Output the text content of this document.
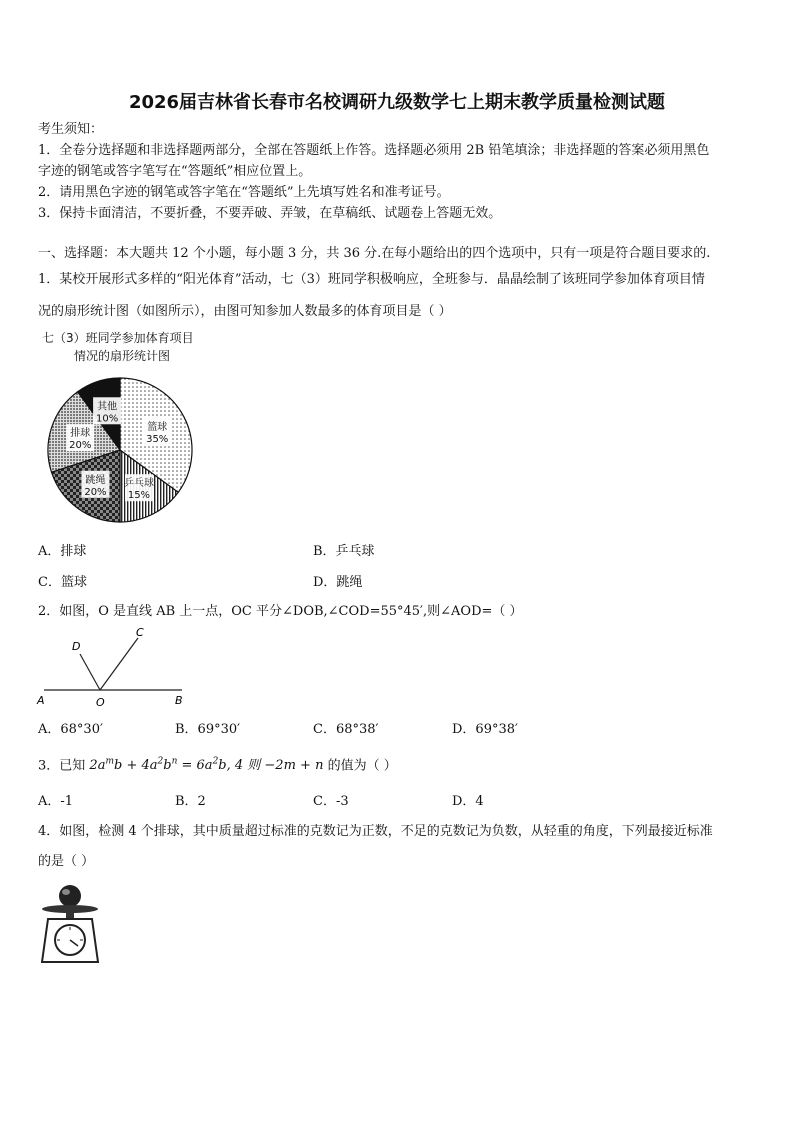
2026届吉林省长春市名校调研九级数学七上期末教学质量检测试题
考生须知：
1．全卷分选择题和非选择题两部分，全部在答题纸上作答。选择题必须用 2B 铅笔填涂；非选择题的答案必须用黑色
字迹的钢笔或答字笔写在“答题纸”相应位置上。
2．请用黑色字迹的钢笔或答字笔在“答题纸”上先填写姓名和准考证号。
3．保持卡面清洁，不要折叠，不要弄破、弄皱，在草稿纸、试题卷上答题无效。
一、选择题：本大题共 12 个小题，每小题 3 分，共 36 分.在每小题给出的四个选项中，只有一项是符合题目要求的.
1．某校开展形式多样的“阳光体育”活动，七（3）班同学积极响应，全班参与．晶晶绘制了该班同学参加体育项目情
况的扇形统计图（如图所示），由图可知参加人数最多的体育项目是（ ）
七（3）班同学参加体育项目
情况的扇形统计图
篮球
35%
乒乓球
15%
跳绳
20%
排球
20%
其他
10%
A．排球	B．乒乓球
C．篮球	D．跳绳
2．如图，O 是直线 AB 上一点，OC 平分∠DOB,∠COD=55°45′,则∠AOD=（ ）
A	O	B
C
D
A．68°30′	B．69°30′	C．68°38′	D．69°38′
3．已知 $2a^mb + 4a^2b^n = 6a^2b$, 4 则 −2m + n 的值为（ ）
A．-1	B．2	C．-3	D．4
4．如图，检测 4 个排球，其中质量超过标准的克数记为正数，不足的克数记为负数，从轻重的角度，下列最接近标准
的是（ ）
